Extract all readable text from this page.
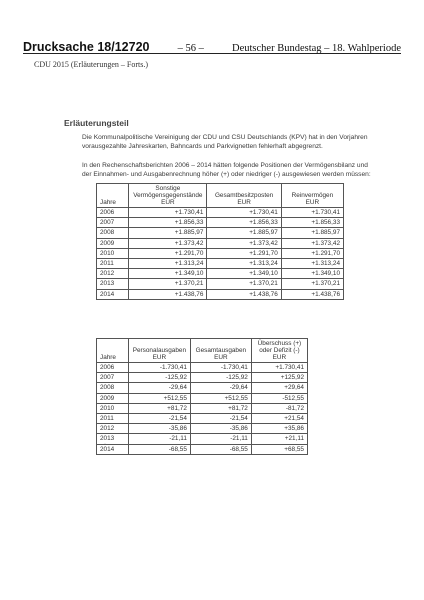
Drucksache 18/12720	– 56 –	Deutscher Bundestag – 18. Wahlperiode
CDU 2015 (Erläuterungen – Forts.)
Erläuterungsteil
Die Kommunalpolitische Vereinigung der CDU und CSU Deutschlands (KPV) hat in den Vorjahren vorausgezahlte Jahreskarten, Bahncards und Parkvignetten fehlerhaft abgegrenzt.
In den Rechenschaftsberichten 2006 – 2014 hätten folgende Positionen der Vermögensbilanz und der Einnahmen- und Ausgabenrechnung höher (+) oder niedriger (-) ausgewiesen werden müssen:
Jahre	Sonstige Vermögensgegenstände EUR	Gesamtbesitzposten EUR	Reinvermögen EUR
2006	+1.730,41	+1.730,41	+1.730,41
2007	+1.856,33	+1.856,33	+1.856,33
2008	+1.885,97	+1.885,97	+1.885,97
2009	+1.373,42	+1.373,42	+1.373,42
2010	+1.291,70	+1.291,70	+1.291,70
2011	+1.313,24	+1.313,24	+1.313,24
2012	+1.349,10	+1.349,10	+1.349,10
2013	+1.370,21	+1.370,21	+1.370,21
2014	+1.438,76	+1.438,76	+1.438,76
Jahre	Personalausgaben EUR	Gesamtausgaben EUR	Überschuss (+) oder Defizit (-) EUR
2006	-1.730,41	-1.730,41	+1.730,41
2007	-125,92	-125,92	+125,92
2008	-29,64	-29,64	+29,64
2009	+512,55	+512,55	-512,55
2010	+81,72	+81,72	-81,72
2011	-21,54	-21,54	+21,54
2012	-35,86	-35,86	+35,86
2013	-21,11	-21,11	+21,11
2014	-68,55	-68,55	+68,55
·
